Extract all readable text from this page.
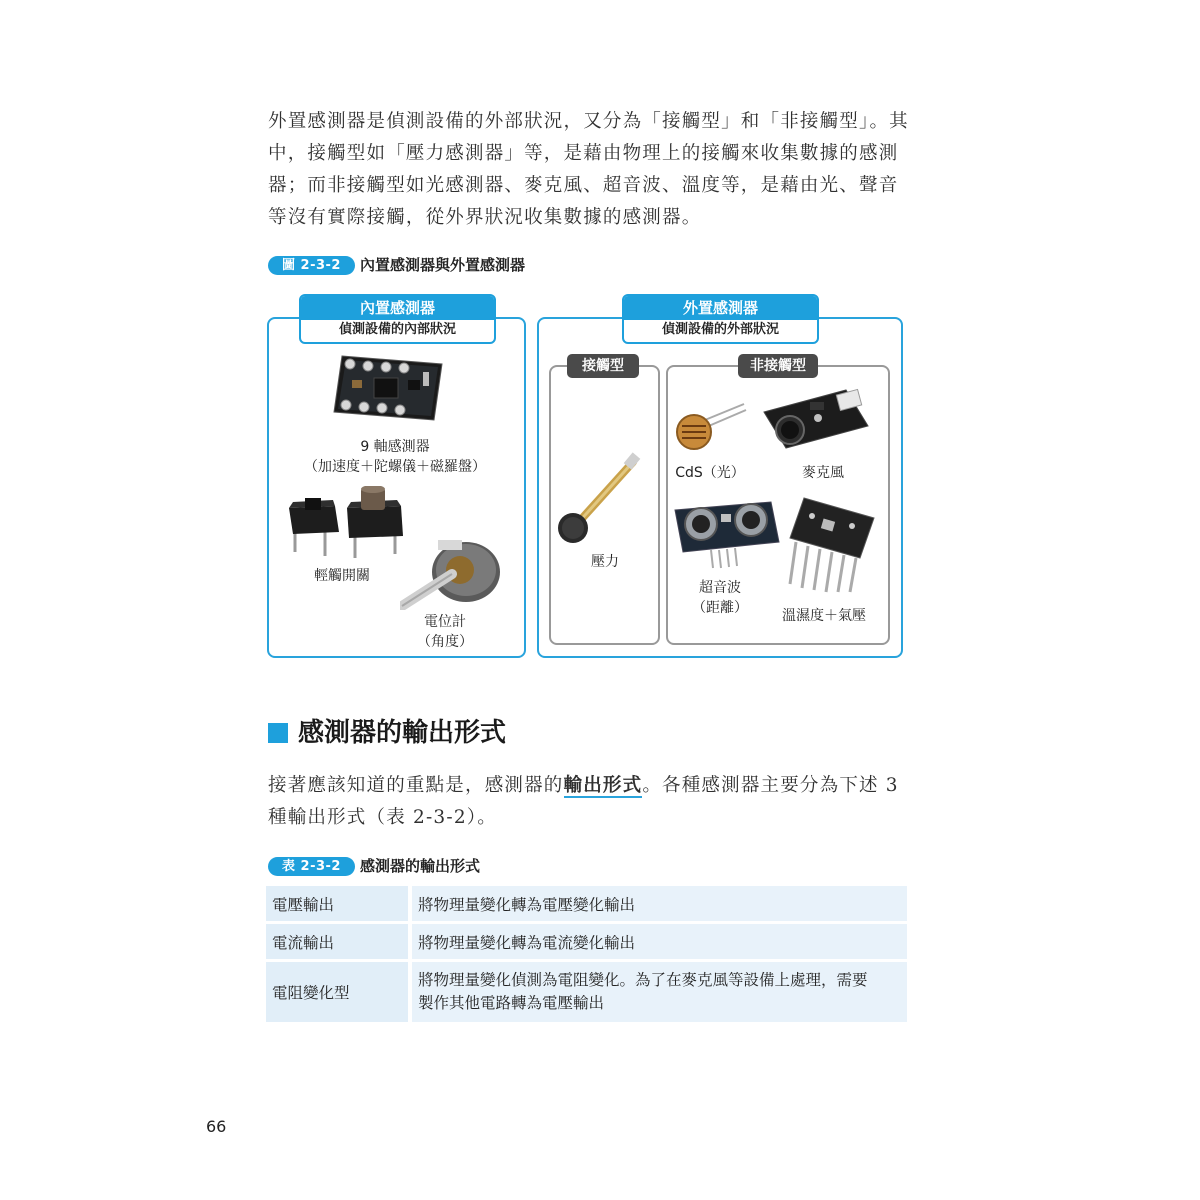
外置感測器是偵測設備的外部狀況，又分為「接觸型」和「非接觸型」。其

中，接觸型如「壓力感測器」等，是藉由物理上的接觸來收集數據的感測

器；而非接觸型如光感測器、麥克風、超音波、溫度等，是藉由光、聲音

等沒有實際接觸，從外界狀況收集數據的感測器。

圖 2-3-2	內置感測器與外置感測器
內置感測器
偵測設備的內部狀況
9 軸感測器
（加速度＋陀螺儀＋磁羅盤）
輕觸開關
電位計
（角度）
外置感測器
偵測設備的外部狀況
接觸型
壓力
非接觸型
CdS（光）	麥克風
超音波
（距離）	溫濕度＋氣壓
感測器的輸出形式

接著應該知道的重點是，感測器的輸出形式。各種感測器主要分為下述 3

種輸出形式（表 2-3-2）。

表 2-3-2	感測器的輸出形式
電壓輸出	將物理量變化轉為電壓變化輸出

電流輸出	將物理量變化轉為電流變化輸出

電阻變化型	將物理量變化偵測為電阻變化。為了在麥克風等設備上處理，需要
製作其他電路轉為電壓輸出
66
